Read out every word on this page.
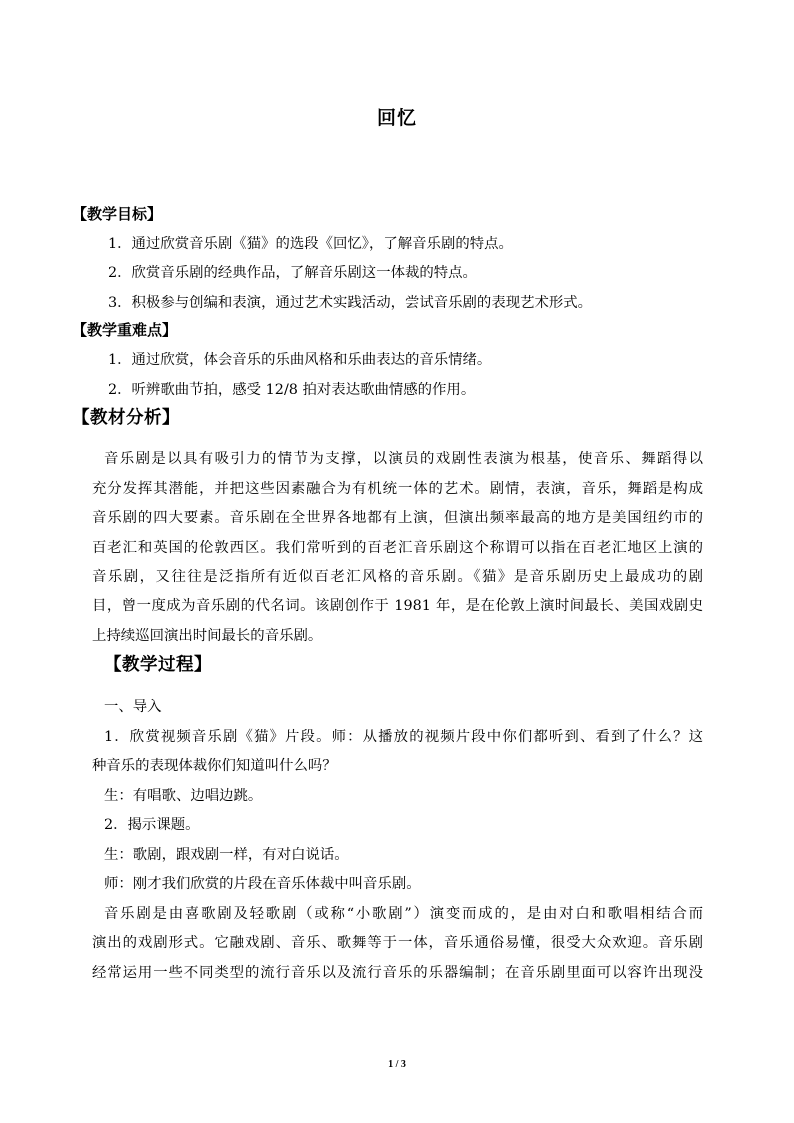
回忆
【教学目标】
1．通过欣赏音乐剧《猫》的选段《回忆》，了解音乐剧的特点。
2．欣赏音乐剧的经典作品，了解音乐剧这一体裁的特点。
3．积极参与创编和表演，通过艺术实践活动，尝试音乐剧的表现艺术形式。
【教学重难点】
1．通过欣赏，体会音乐的乐曲风格和乐曲表达的音乐情绪。
2．听辨歌曲节拍，感受 12/8 拍对表达歌曲情感的作用。
【教材分析】
音乐剧是以具有吸引力的情节为支撑，以演员的戏剧性表演为根基，使音乐、舞蹈得以
充分发挥其潜能，并把这些因素融合为有机统一体的艺术。剧情，表演，音乐，舞蹈是构成
音乐剧的四大要素。音乐剧在全世界各地都有上演，但演出频率最高的地方是美国纽约市的
百老汇和英国的伦敦西区。我们常听到的百老汇音乐剧这个称谓可以指在百老汇地区上演的
音乐剧，又往往是泛指所有近似百老汇风格的音乐剧。《猫》是音乐剧历史上最成功的剧
目，曾一度成为音乐剧的代名词。该剧创作于 1981 年，是在伦敦上演时间最长、美国戏剧史
上持续巡回演出时间最长的音乐剧。
【教学过程】
一、导入
1．欣赏视频音乐剧《猫》片段。师：从播放的视频片段中你们都听到、看到了什么？这
种音乐的表现体裁你们知道叫什么吗？
生：有唱歌、边唱边跳。
2．揭示课题。
生：歌剧，跟戏剧一样，有对白说话。
师：刚才我们欣赏的片段在音乐体裁中叫音乐剧。
音乐剧是由喜歌剧及轻歌剧（或称“小歌剧”）演变而成的，是由对白和歌唱相结合而
演出的戏剧形式。它融戏剧、音乐、歌舞等于一体，音乐通俗易懂，很受大众欢迎。音乐剧
经常运用一些不同类型的流行音乐以及流行音乐的乐器编制；在音乐剧里面可以容许出现没
1 / 3
